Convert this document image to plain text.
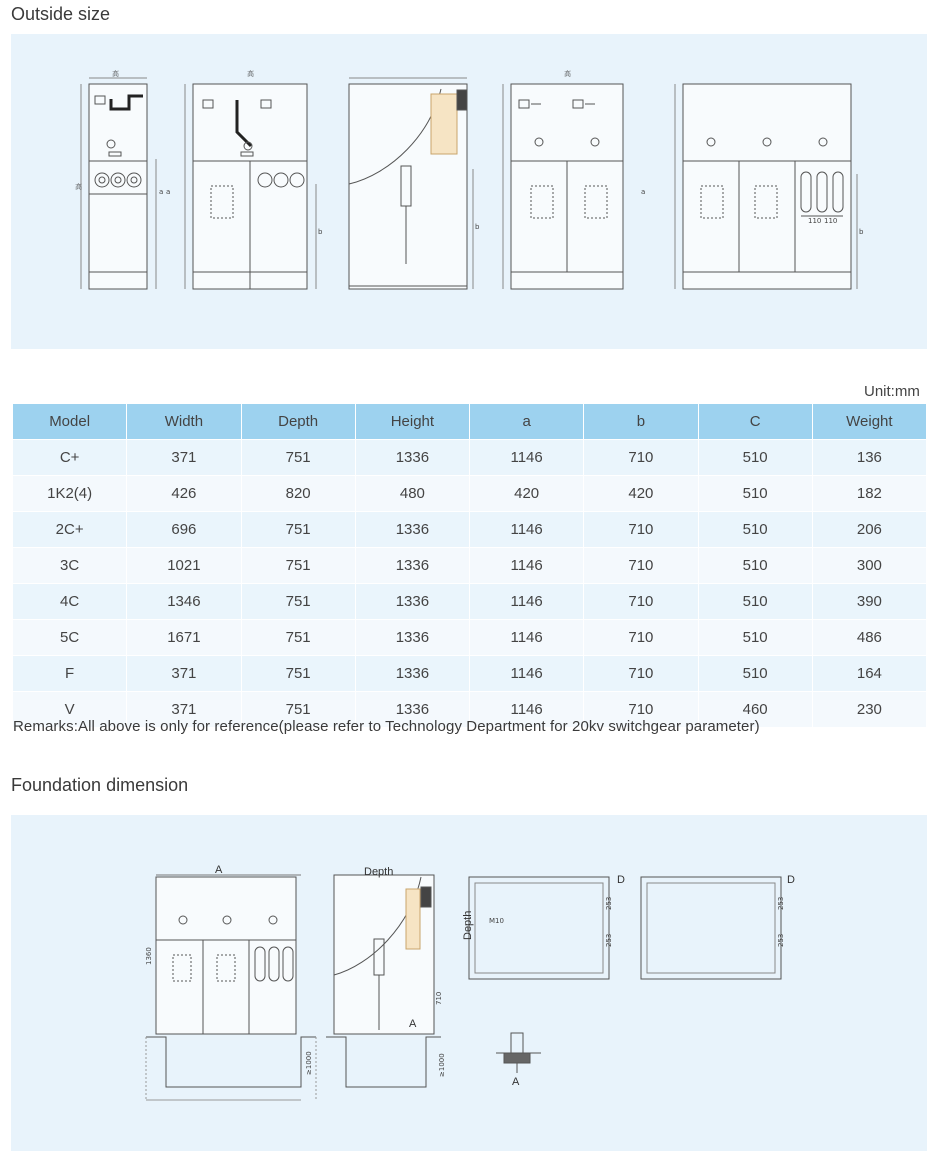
Outside size
高
高
a
高
b
b
高
a
110 110
b
a
Unit:mm
Model	Width	Depth	Height	a	b	C	Weight
C+	371	751	1336	1146	710	510	136
1K2(4)	426	820	480	420	420	510	182
2C+	696	751	1336	1146	710	510	206
3C	1021	751	1336	1146	710	510	300
4C	1346	751	1336	1146	710	510	390
5C	1671	751	1336	1146	710	510	486
F	371	751	1336	1146	710	510	164
V	371	751	1336	1146	710	460	230
Remarks:All above is only for reference(please refer to Technology Department for 20kv switchgear parameter)
Foundation dimension
A
1360
≥1000
Depth
710
A
≥1000
A
Depth M10
D
253
253
D
253
253
